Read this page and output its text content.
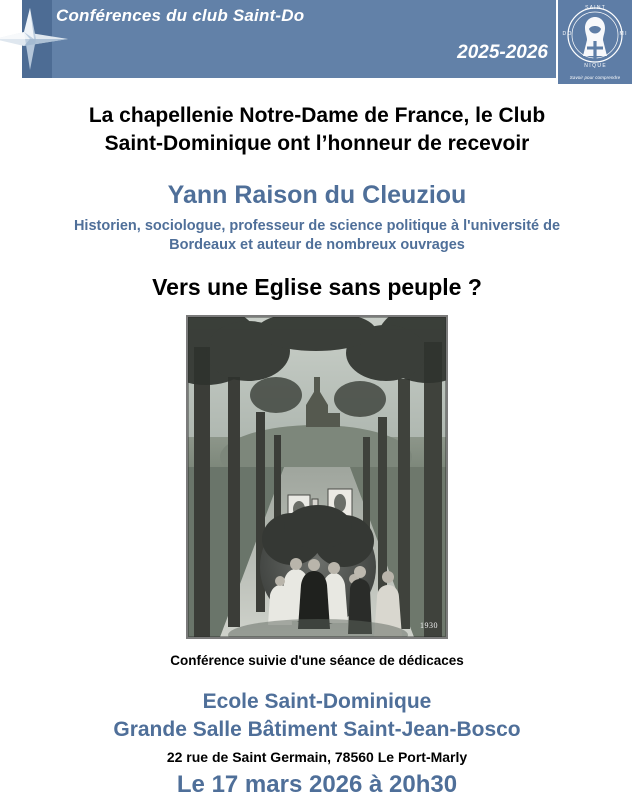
Conférences du club Saint-Do
2025-2026
S A I N T
D O	M I
N I Q U E
Savoir pour comprendre
La chapellenie Notre-Dame de France, le Club
Saint-Dominique ont l’honneur de recevoir
Yann Raison du Cleuziou
Historien, sociologue, professeur de science politique à l'université de
Bordeaux et auteur de nombreux ouvrages
Vers une Eglise sans peuple ?
1930
Conférence suivie d'une séance de dédicaces
Ecole Saint-Dominique
Grande Salle Bâtiment Saint-Jean-Bosco
22 rue de Saint Germain, 78560 Le Port-Marly
Le 17 mars 2026 à 20h30
